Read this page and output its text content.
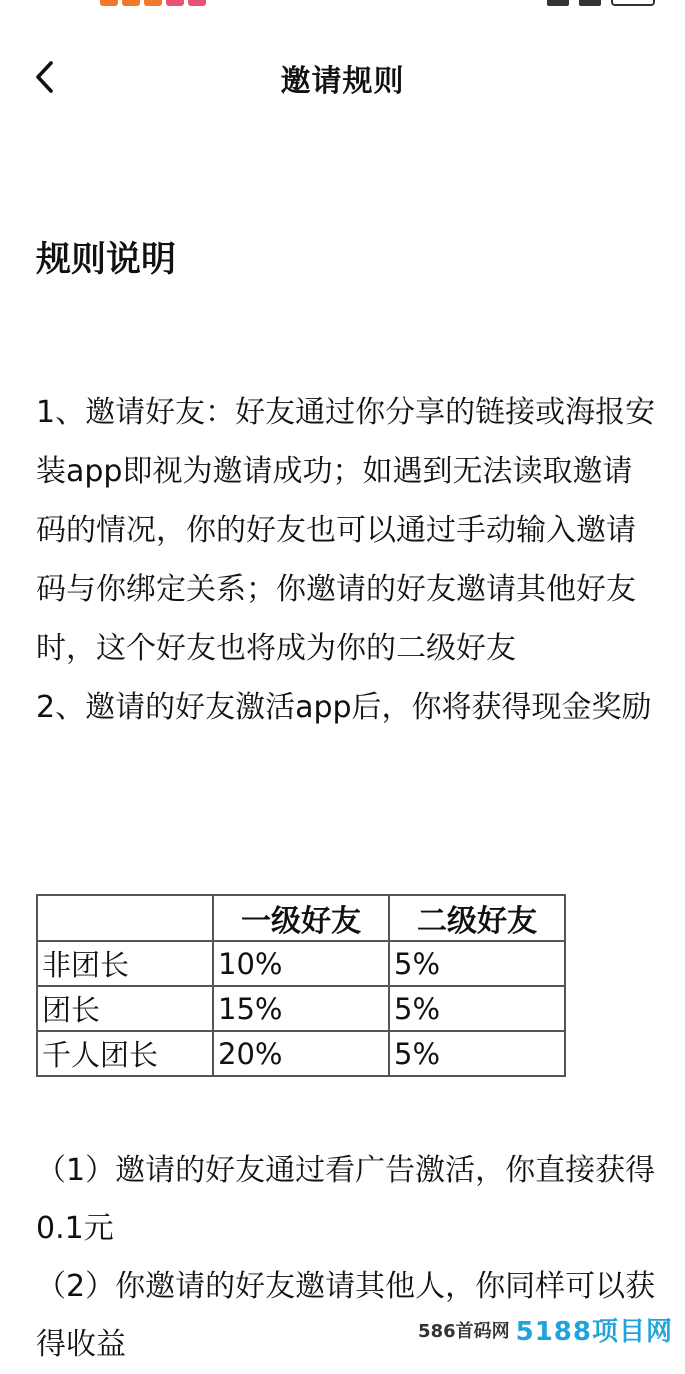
邀请规则
规则说明

1、邀请好友：好友通过你分享的链接或海报安装app即视为邀请成功；如遇到无法读取邀请码的情况，你的好友也可以通过手动输入邀请码与你绑定关系；你邀请的好友邀请其他好友时，这个好友也将成为你的二级好友

2、邀请的好友激活app后，你将获得现金奖励

	一级好友	二级好友
非团长	10%	5%
团长	15%	5%
千人团长	20%	5%

（1）邀请的好友通过看广告激活，你直接获得0.1元

（2）你邀请的好友邀请其他人，你同样可以获得收益	586首码网 5188项目网
